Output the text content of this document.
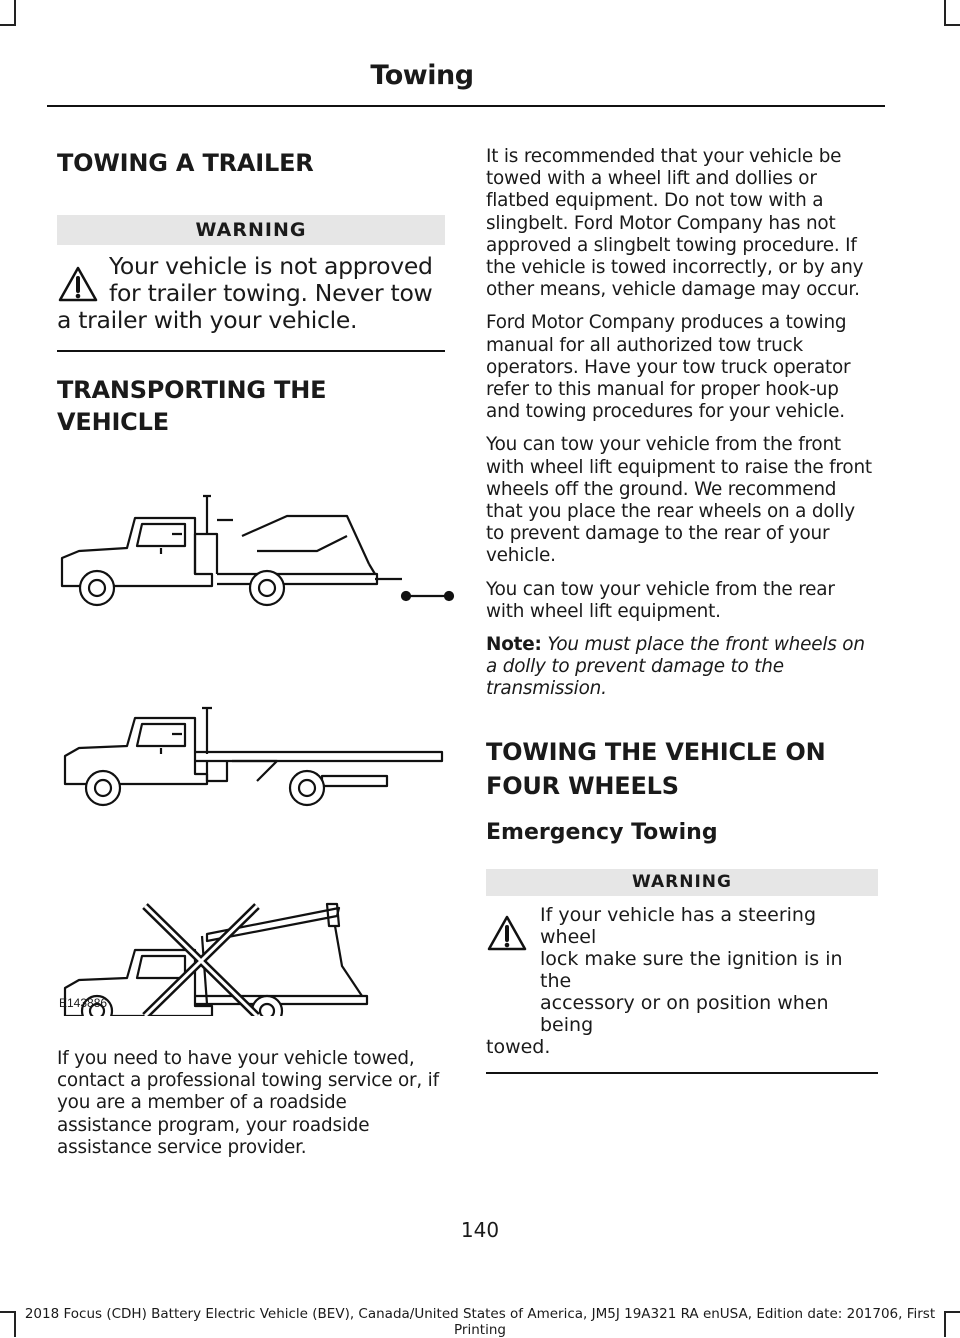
Towing
TOWING A TRAILER
WARNING
Your vehicle is not approved
for trailer towing. Never tow
a trailer with your vehicle.
TRANSPORTING THE VEHICLE
E143886

If you need to have your vehicle towed, contact a professional towing service or, if you are a member of a roadside assistance program, your roadside assistance service provider.

It is recommended that your vehicle be towed with a wheel lift and dollies or flatbed equipment. Do not tow with a slingbelt. Ford Motor Company has not approved a slingbelt towing procedure. If the vehicle is towed incorrectly, or by any other means, vehicle damage may occur.

Ford Motor Company produces a towing manual for all authorized tow truck operators. Have your tow truck operator refer to this manual for proper hook-up and towing procedures for your vehicle.

You can tow your vehicle from the front with wheel lift equipment to raise the front wheels off the ground. We recommend that you place the rear wheels on a dolly to prevent damage to the rear of your vehicle.

You can tow your vehicle from the rear with wheel lift equipment.

Note: You must place the front wheels on a dolly to prevent damage to the transmission.

TOWING THE VEHICLE ON
FOUR WHEELS
Emergency Towing
WARNING
If your vehicle has a steering wheel
lock make sure the ignition is in the
accessory or on position when being
towed.
140
2018 Focus (CDH) Battery Electric Vehicle (BEV), Canada/United States of America, JM5J 19A321 RA enUSA, Edition date: 201706, First Printing
